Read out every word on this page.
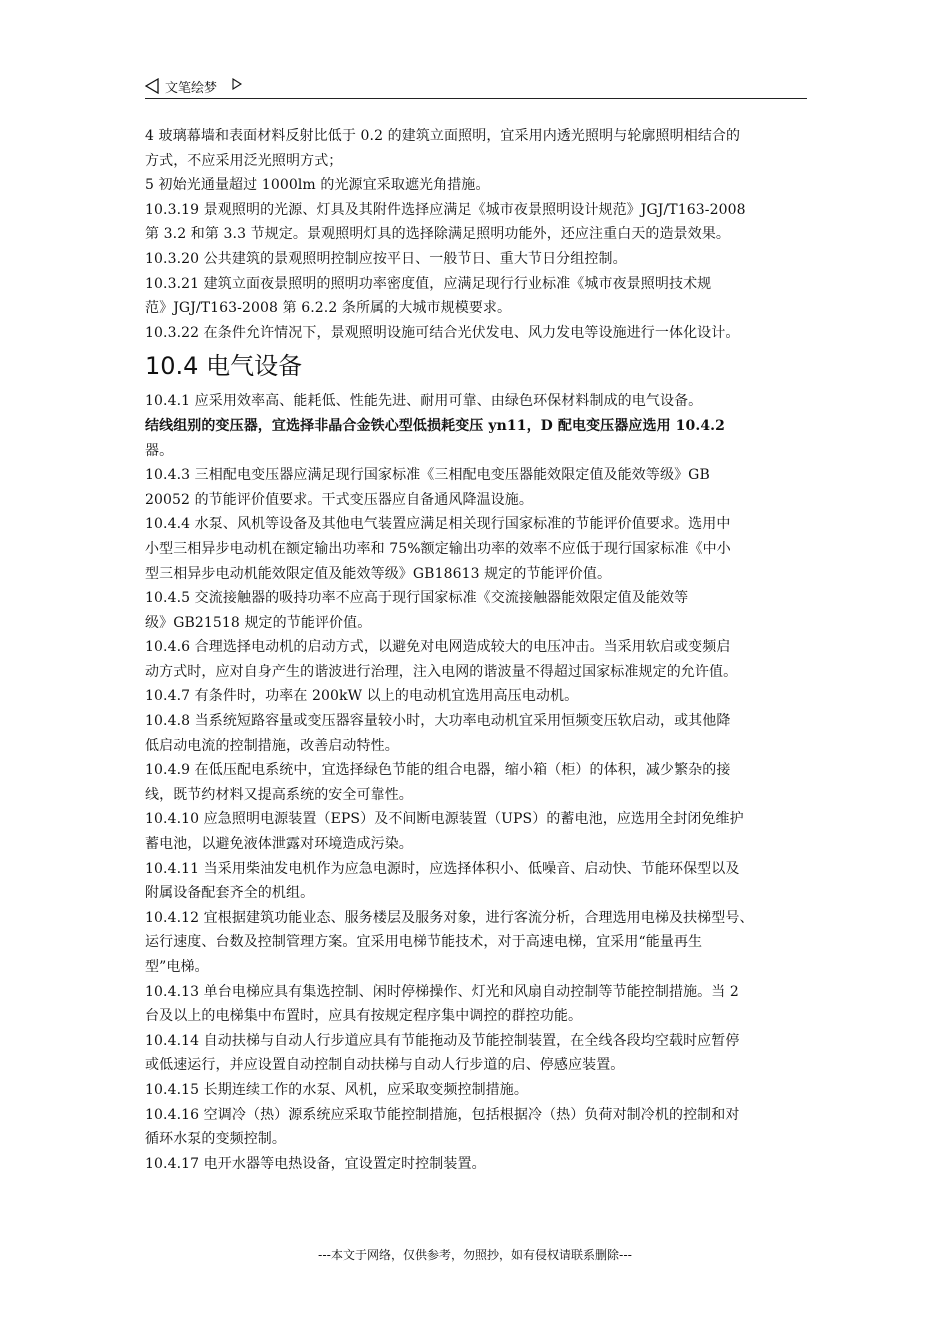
文笔绘梦
4 玻璃幕墙和表面材料反射比低于 0.2 的建筑立面照明，宜采用内透光照明与轮廓照明相结合的
方式，不应采用泛光照明方式；
5 初始光通量超过 1000lm 的光源宜采取遮光角措施。
10.3.19 景观照明的光源、灯具及其附件选择应满足《城市夜景照明设计规范》JGJ/T163-2008
第 3.2 和第 3.3 节规定。景观照明灯具的选择除满足照明功能外，还应注重白天的造景效果。
10.3.20 公共建筑的景观照明控制应按平日、一般节日、重大节日分组控制。
10.3.21 建筑立面夜景照明的照明功率密度值，应满足现行行业标准《城市夜景照明技术规
范》JGJ/T163-2008 第 6.2.2 条所属的大城市规模要求。
10.3.22 在条件允许情况下，景观照明设施可结合光伏发电、风力发电等设施进行一体化设计。
10.4 电气设备
10.4.1 应采用效率高、能耗低、性能先进、耐用可靠、由绿色环保材料制成的电气设备。
结线组别的变压器，宜选择非晶合金铁心型低损耗变压 yn11，D 配电变压器应选用 10.4.2
器。
10.4.3 三相配电变压器应满足现行国家标准《三相配电变压器能效限定值及能效等级》GB
20052 的节能评价值要求。干式变压器应自备通风降温设施。
10.4.4 水泵、风机等设备及其他电气装置应满足相关现行国家标准的节能评价值要求。选用中
小型三相异步电动机在额定输出功率和 75%额定输出功率的效率不应低于现行国家标准《中小
型三相异步电动机能效限定值及能效等级》GB18613 规定的节能评价值。
10.4.5 交流接触器的吸持功率不应高于现行国家标准《交流接触器能效限定值及能效等
级》GB21518 规定的节能评价值。
10.4.6 合理选择电动机的启动方式，以避免对电网造成较大的电压冲击。当采用软启或变频启
动方式时，应对自身产生的谐波进行治理，注入电网的谐波量不得超过国家标准规定的允许值。
10.4.7 有条件时，功率在 200kW 以上的电动机宜选用高压电动机。
10.4.8 当系统短路容量或变压器容量较小时，大功率电动机宜采用恒频变压软启动，或其他降
低启动电流的控制措施，改善启动特性。
10.4.9 在低压配电系统中，宜选择绿色节能的组合电器，缩小箱（柜）的体积，减少繁杂的接
线，既节约材料又提高系统的安全可靠性。
10.4.10 应急照明电源装置（EPS）及不间断电源装置（UPS）的蓄电池，应选用全封闭免维护
蓄电池，以避免液体泄露对环境造成污染。
10.4.11 当采用柴油发电机作为应急电源时，应选择体积小、低噪音、启动快、节能环保型以及
附属设备配套齐全的机组。
10.4.12 宜根据建筑功能业态、服务楼层及服务对象，进行客流分析，合理选用电梯及扶梯型号、
运行速度、台数及控制管理方案。宜采用电梯节能技术，对于高速电梯，宜采用“能量再生
型”电梯。
10.4.13 单台电梯应具有集选控制、闲时停梯操作、灯光和风扇自动控制等节能控制措施。当 2
台及以上的电梯集中布置时，应具有按规定程序集中调控的群控功能。
10.4.14 自动扶梯与自动人行步道应具有节能拖动及节能控制装置，在全线各段均空载时应暂停
或低速运行，并应设置自动控制自动扶梯与自动人行步道的启、停感应装置。
10.4.15 长期连续工作的水泵、风机，应采取变频控制措施。
10.4.16 空调冷（热）源系统应采取节能控制措施，包括根据冷（热）负荷对制冷机的控制和对
循环水泵的变频控制。
10.4.17 电开水器等电热设备，宜设置定时控制装置。
---本文于网络，仅供参考，勿照抄，如有侵权请联系删除---
